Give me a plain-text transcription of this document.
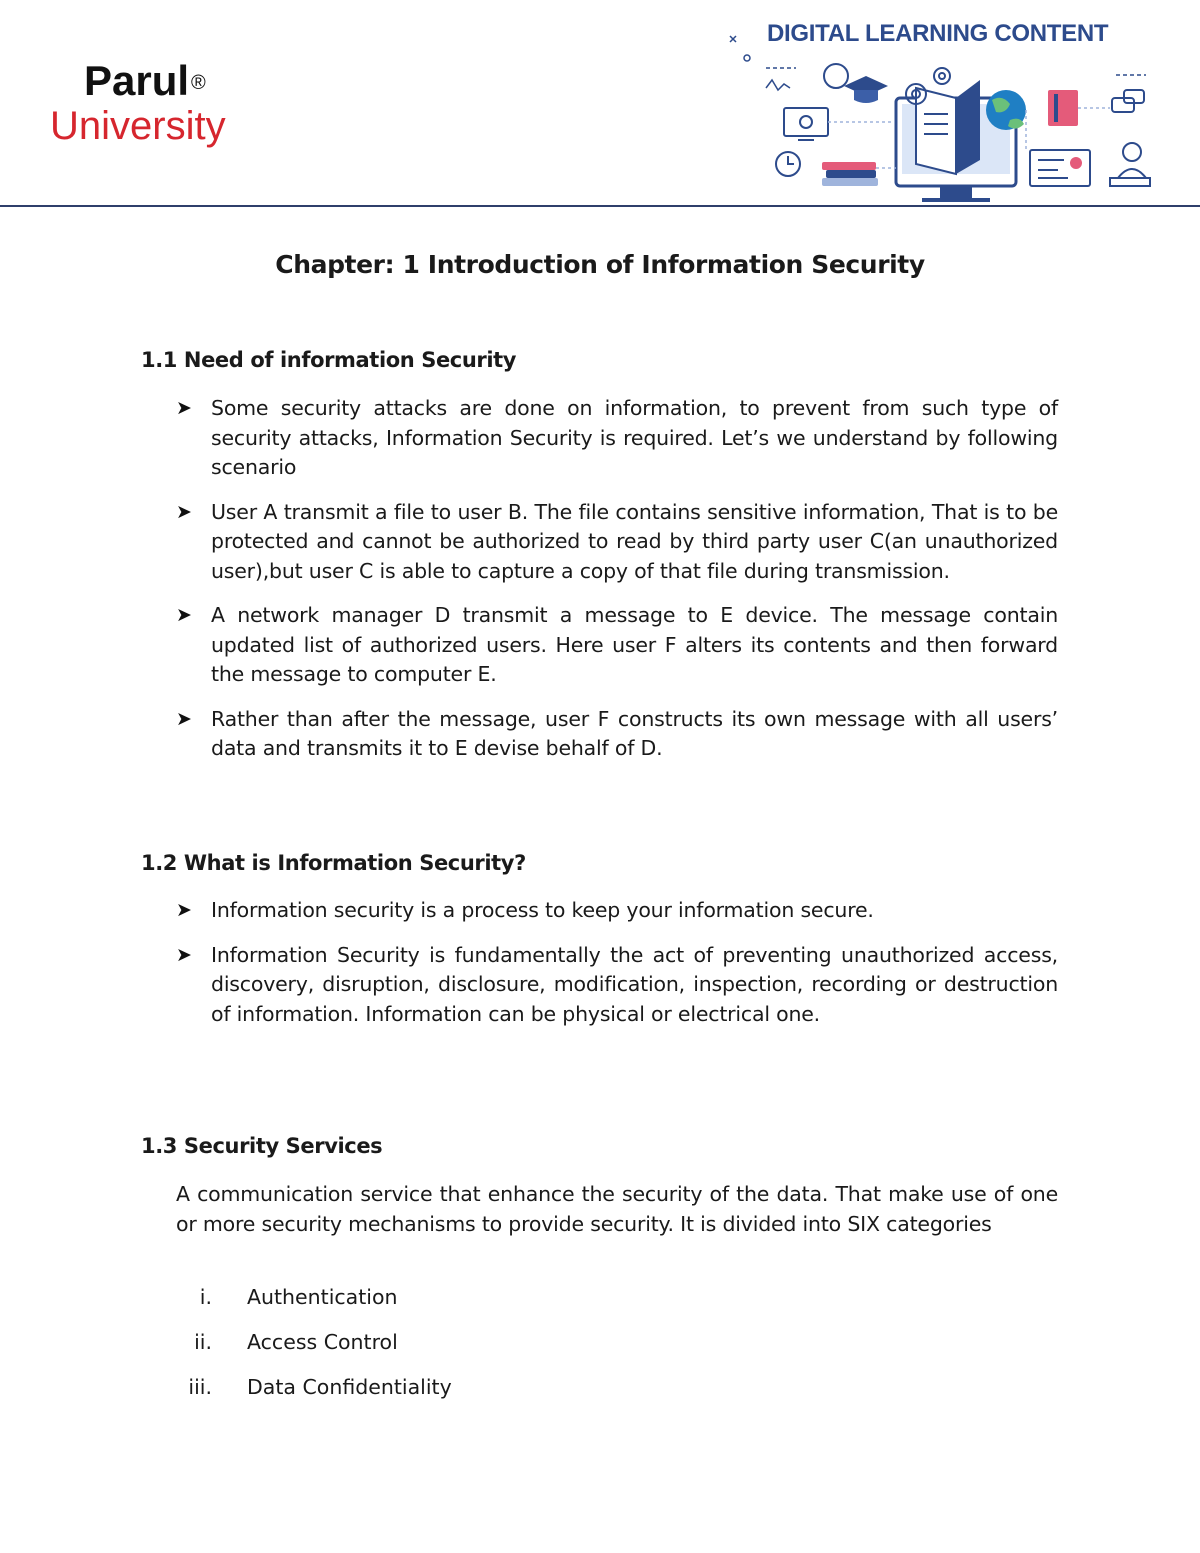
Parul ®
University
DIGITAL LEARNING CONTENT
Chapter: 1 Introduction of Information Security
1.1 Need of information Security
➤ Some security attacks are done on information, to prevent from such type of security attacks, Information Security is required. Let’s we understand by following scenario
➤ User A transmit a file to user B. The file contains sensitive information, That is to be protected and cannot be authorized to read by third party user C(an unauthorized user),but user C is able to capture a copy of that file during transmission.
➤ A network manager D transmit a message to E device. The message contain updated list of authorized users. Here user F alters its contents and then forward the message to computer E.
➤ Rather than after the message, user F constructs its own message with all users’ data and transmits it to E devise behalf of D.
1.2 What is Information Security?
➤ Information security is a process to keep your information secure.
➤ Information Security is fundamentally the act of preventing unauthorized access, discovery, disruption, disclosure, modification, inspection, recording or destruction of information. Information can be physical or electrical one.
1.3 Security Services
A communication service that enhance the security of the data. That make use of one or more security mechanisms to provide security. It is divided into SIX categories
i. Authentication
ii. Access Control
iii. Data Confidentiality
